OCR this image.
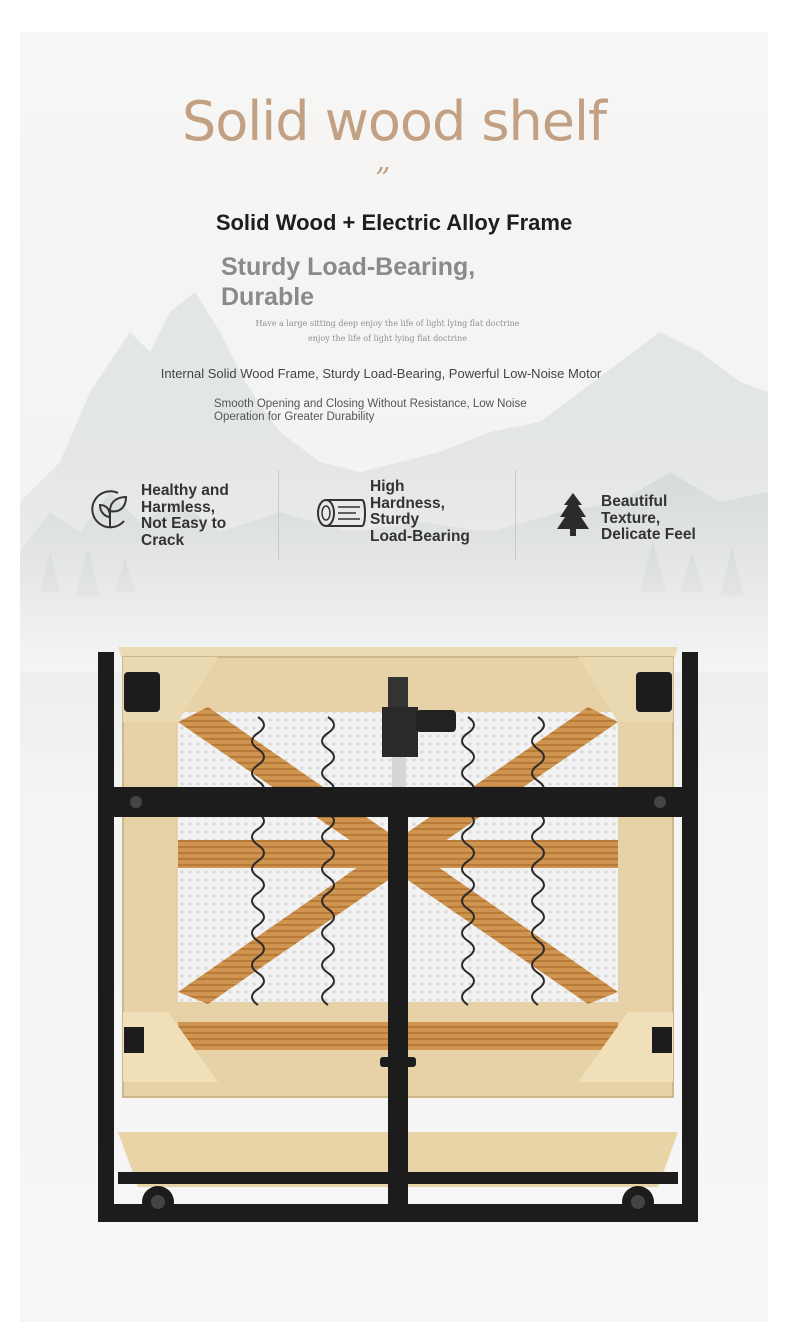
Solid wood shelf
”
Solid Wood + Electric Alloy Frame
Sturdy Load-Bearing,
Durable
Have a large sitting deep enjoy the life of light lying flat doctrine
enjoy the life of light lying flat doctrine
Internal Solid Wood Frame, Sturdy Load-Bearing, Powerful Low-Noise Motor
Smooth Opening and Closing Without Resistance, Low Noise
Operation for Greater Durability
Healthy and
Harmless,
Not Easy to
Crack
High
Hardness,
Sturdy
Load-Bearing
Beautiful
Texture,
Delicate Feel
